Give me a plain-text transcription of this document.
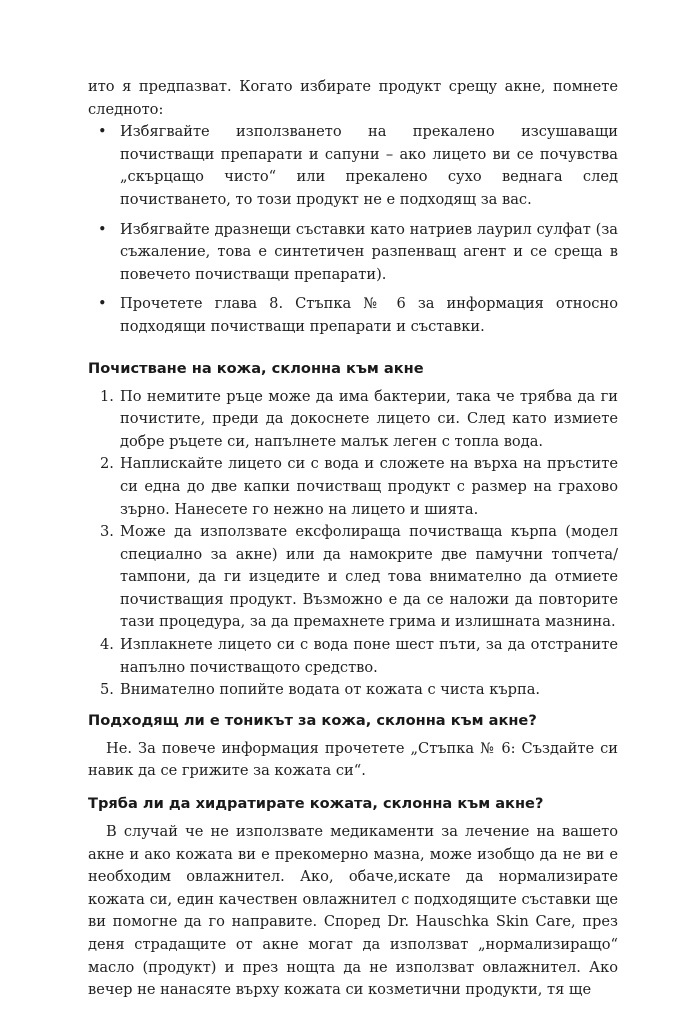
ито я предпазват. Когато избирате продукт срещу акне, помнете следното:

• Избягвайте използването на прекалено изсушаващи почистващи препарати и сапуни – ако лицето ви се почувства „скърцащо чисто“ или прекалено сухо веднага след почистването, то този продукт не е подходящ за вас.
• Избягвайте дразнещи съставки като натриев лаурил сулфат (за съжаление, това е синтетичен разпенващ агент и се среща в повечето почистващи препарати).
• Прочетете глава 8. Стъпка № 6 за информация относно подходящи почистващи препарати и съставки.
Почистване на кожа, склонна към акне
1. По немитите ръце може да има бактерии, така че трябва да ги почистите, преди да докоснете лицето си. След като измиете добре ръцете си, напълнете малък леген с топла вода.
2. Наплискайте лицето си с вода и сложете на върха на пръстите си една до две капки почистващ продукт с размер на грахово зърно. Нанесете го нежно на лицето и шията.
3. Може да използвате ексфолираща почистваща кърпа (модел специално за акне) или да намокрите две памучни топчета/тампони, да ги изцедите и след това внимателно да отмиете почистващия продукт. Възможно е да се наложи да повторите тази процедура, за да премахнете грима и излишната мазнина.
4. Изплакнете лицето си с вода поне шест пъти, за да отстраните напълно почистващото средство.
5. Внимателно попийте водата от кожата с чиста кърпа.
Подходящ ли е тоникът за кожа, склонна към акне?

Не. За повече информация прочетете „Стъпка № 6: Създайте си навик да се грижите за кожата си“.

Тряба ли да хидратирате кожата, склонна към акне?

В случай че не използвате медикаменти за лечение на вашето акне и ако кожата ви е прекомерно мазна, може изобщо да не ви е необходим овлажнител. Ако, обаче,искате да нормализирате кожата си, един качествен овлажнител с подходящите съставки ще ви помогне да го направите. Според Dr. Hauschka Skin Care, през деня страдащите от акне могат да използват „нормализиращо“ масло (продукт) и през нощта да не използват овлажнител. Ако вечер не нанасяте върху кожата си козметични продукти, тя ще
